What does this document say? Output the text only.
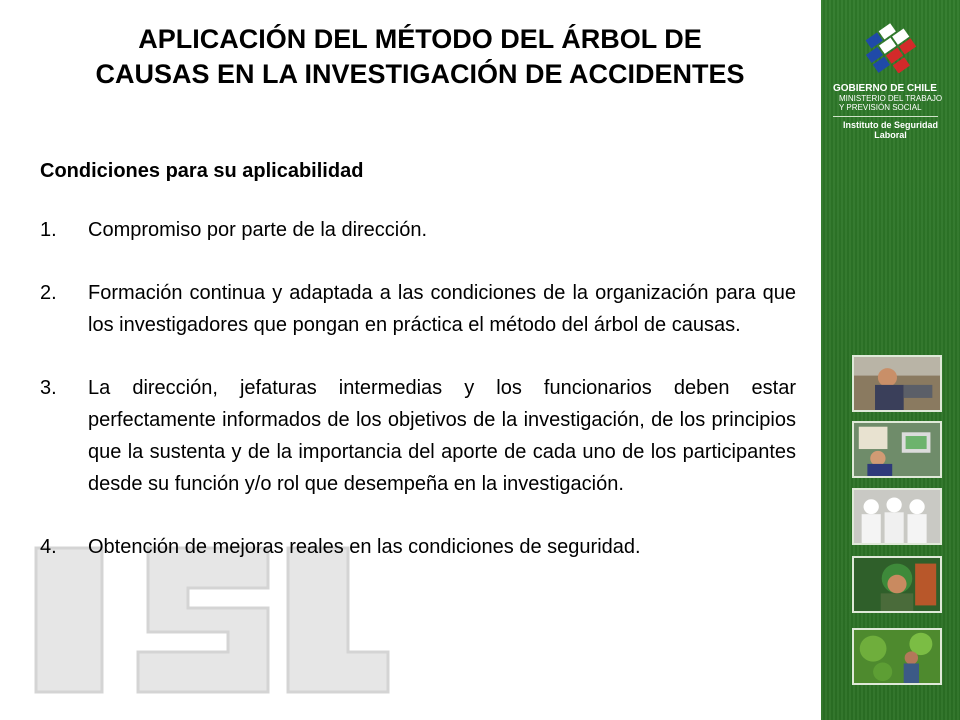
APLICACIÓN DEL MÉTODO DEL ÁRBOL DE
CAUSAS EN LA INVESTIGACIÓN DE ACCIDENTES
Condiciones para su aplicabilidad
1. Compromiso por parte de la dirección.
2. Formación continua y adaptada a las condiciones de la organización para que los investigadores que pongan en práctica el método del árbol de causas.
3. La dirección, jefaturas intermedias y los funcionarios deben estar perfectamente informados de los objetivos de la investigación, de los principios que la sustenta y de la importancia del aporte de cada uno de los participantes desde su función y/o rol que desempeña en la investigación.
4. Obtención de mejoras reales en las condiciones de seguridad.
GOBIERNO DE CHILE
MINISTERIO DEL TRABAJO
Y PREVISIÓN SOCIAL
Instituto de Seguridad
Laboral
